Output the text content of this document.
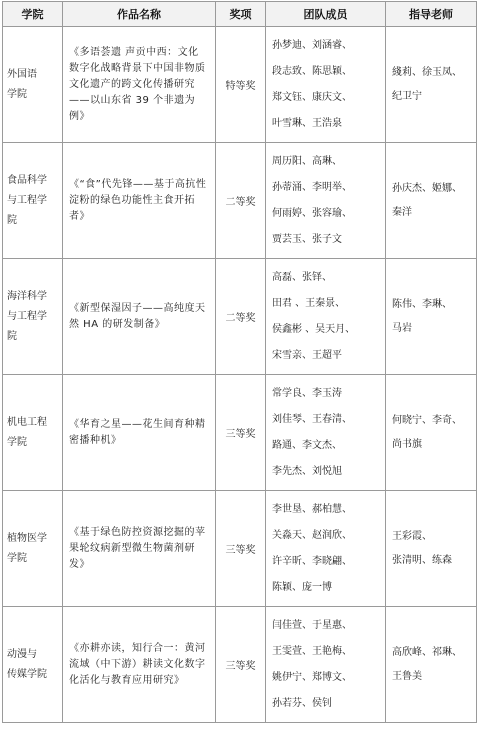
学院	作品名称	奖项	团队成员	指导老师

外国语
学院	《多语荟遗 声贡中西：文化数字化战略背景下中国非物质文化遗产的跨文化传播研究——以山东省 39 个非遗为例》	特等奖	孙梦迪、刘涵睿、
段志致、陈思颖、
郑文钰、康庆文、
叶雪琳、王浩泉	綫莉、徐玉凤、
纪卫宁

食品科学
与工程学
院	《“食”代先锋——基于高抗性淀粉的绿色功能性主食开拓者》	二等奖	周历阳、高琳、
孙蒂涌、李明举、
何雨婷、张容瑜、
贾芸玉、张子文	孙庆杰、姬娜、
秦洋

海洋科学
与工程学
院	《新型保湿因子——高纯度天然 HA 的研发制备》	二等奖	高磊、张铎、
田君 、王秦景、
侯鑫彬 、吴天月、
宋雪亲、王超平	陈伟、李琳、
马岩

机电工程
学院	《华育之星——花生间育种精密播种机》	三等奖	常学良、李玉涛
刘佳琴、王春清、
路通、李文杰、
李先杰、刘悦旭	何晓宁、李奇、
尚书旗

植物医学
学院	《基于绿色防控资源挖掘的苹果轮纹病新型微生物菌剂研发》	三等奖	李世垦、郝柏慧、
关淼天、赵润欣、
许辛昕、李晓翩、
陈颖、庞一博	王彩霞、
张清明、练森

动漫与
传媒学院	《亦耕亦读，知行合一：黄河流域（中下游）耕读文化数字化活化与教育应用研究》	三等奖	闫佳萱、于星惠、
王雯萱、王艳梅、
姚伊宁、郑博文、
孙若芬、侯钊	高欣峰、祁琳、
王鲁美
